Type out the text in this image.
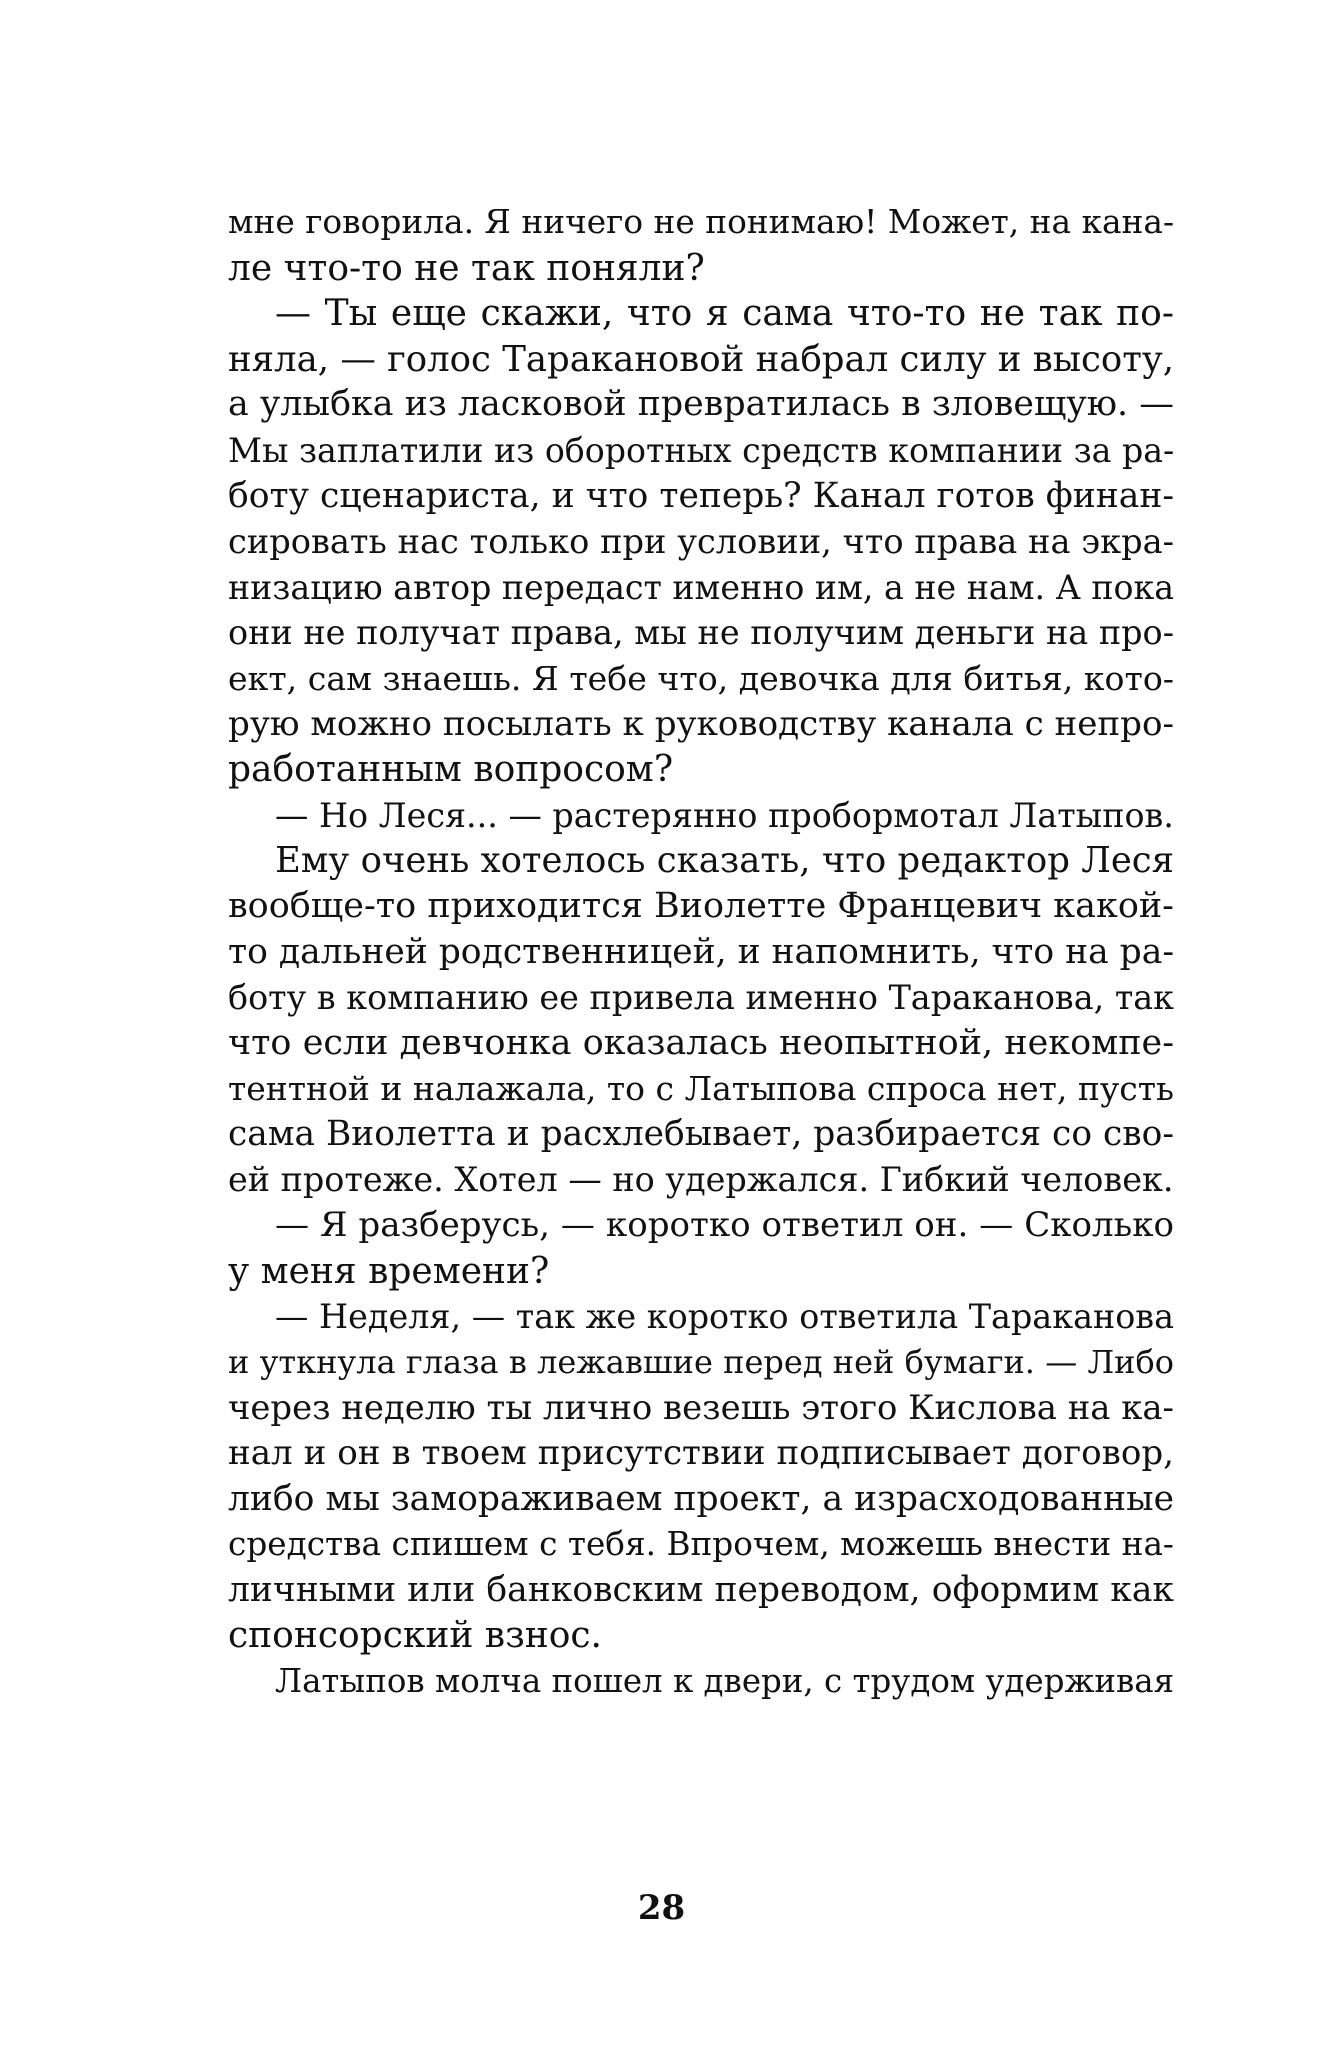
мне говорила. Я ничего не понимаю! Может, на кана-
ле что-то не так поняли?
— Ты еще скажи, что я сама что-то не так по-
няла, — голос Таракановой набрал силу и высоту,
а улыбка из ласковой превратилась в зловещую. —
Мы заплатили из оборотных средств компании за ра-
боту сценариста, и что теперь? Канал готов финан-
сировать нас только при условии, что права на экра-
низацию автор передаст именно им, а не нам. А пока
они не получат права, мы не получим деньги на про-
ект, сам знаешь. Я тебе что, девочка для битья, кото-
рую можно посылать к руководству канала с непро-
работанным вопросом?
— Но Леся... — растерянно пробормотал Латыпов.
Ему очень хотелось сказать, что редактор Леся
вообще-то приходится Виолетте Францевич какой-
то дальней родственницей, и напомнить, что на ра-
боту в компанию ее привела именно Тараканова, так
что если девчонка оказалась неопытной, некомпе-
тентной и налажала, то с Латыпова спроса нет, пусть
сама Виолетта и расхлебывает, разбирается со сво-
ей протеже. Хотел — но удержался. Гибкий человек.
— Я разберусь, — коротко ответил он. — Сколько
у меня времени?
— Неделя, — так же коротко ответила Тараканова
и уткнула глаза в лежавшие перед ней бумаги. — Либо
через неделю ты лично везешь этого Кислова на ка-
нал и он в твоем присутствии подписывает договор,
либо мы замораживаем проект, а израсходованные
средства спишем с тебя. Впрочем, можешь внести на-
личными или банковским переводом, оформим как
спонсорский взнос.
Латыпов молча пошел к двери, с трудом удерживая
28
